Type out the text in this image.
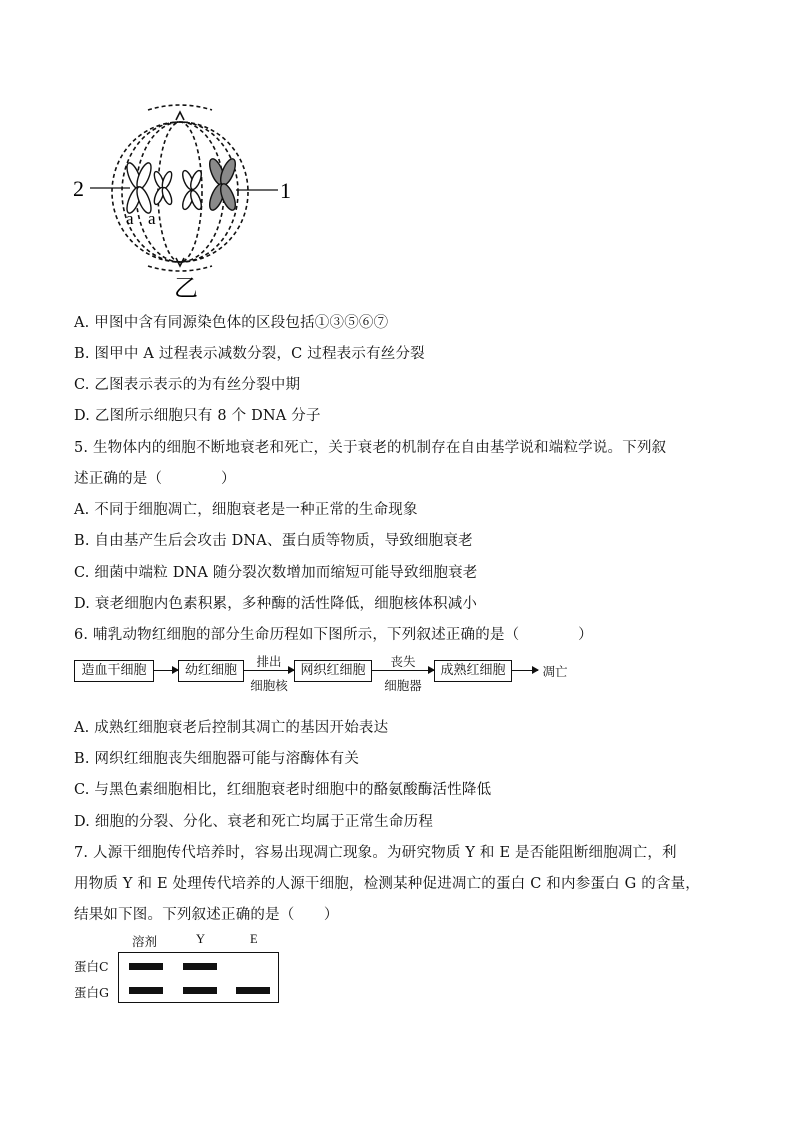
2	1
a a
乙
A. 甲图中含有同源染色体的区段包括①③⑤⑥⑦
B. 图甲中 A 过程表示减数分裂，C 过程表示有丝分裂
C. 乙图表示表示的为有丝分裂中期
D. 乙图所示细胞只有 8 个 DNA 分子
5. 生物体内的细胞不断地衰老和死亡，关于衰老的机制存在自由基学说和端粒学说。下列叙
述正确的是（　　　　）
A. 不同于细胞凋亡，细胞衰老是一种正常的生命现象
B. 自由基产生后会攻击 DNA、蛋白质等物质，导致细胞衰老
C. 细菌中端粒 DNA 随分裂次数增加而缩短可能导致细胞衰老
D. 衰老细胞内色素积累，多种酶的活性降低，细胞核体积减小
6. 哺乳动物红细胞的部分生命历程如下图所示，下列叙述正确的是（　　　　）
造血干细胞	幼红细胞
排出
细胞核
网织红细胞
丧失
细胞器
成熟红细胞	凋亡
A. 成熟红细胞衰老后控制其凋亡的基因开始表达
B. 网织红细胞丧失细胞器可能与溶酶体有关
C. 与黑色素细胞相比，红细胞衰老时细胞中的酪氨酸酶活性降低
D. 细胞的分裂、分化、衰老和死亡均属于正常生命历程
7. 人源干细胞传代培养时，容易出现凋亡现象。为研究物质 Y 和 E 是否能阻断细胞凋亡，利
用物质 Y 和 E 处理传代培养的人源干细胞，检测某种促进凋亡的蛋白 C 和内参蛋白 G 的含量，
结果如下图。下列叙述正确的是（　　）
溶剂	Y	E
蛋白C
蛋白G
